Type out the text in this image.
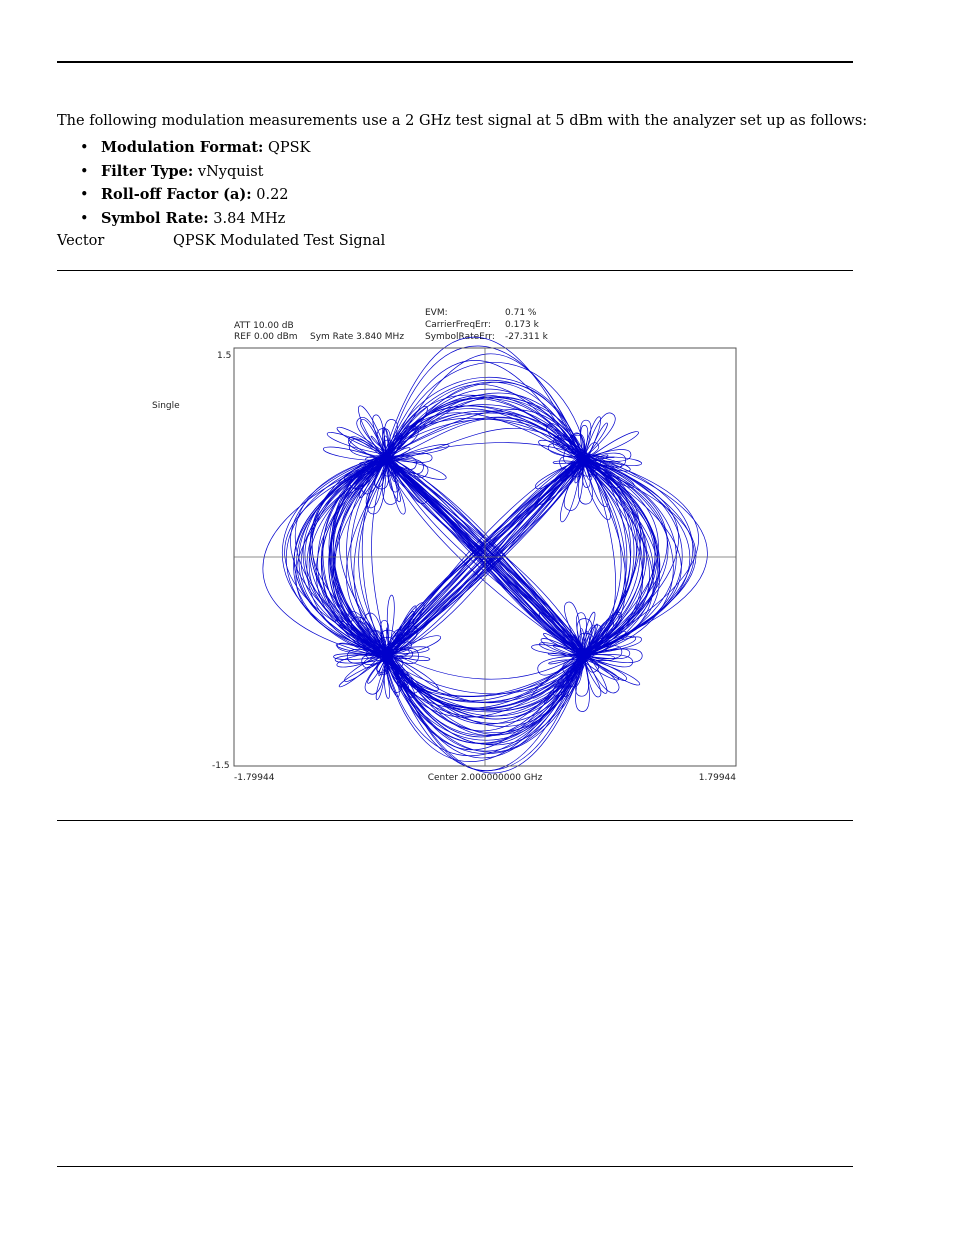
The following modulation measurements use a 2 GHz test signal at 5 dBm with the analyzer set up as follows:
• Modulation Format: QPSK
• Filter Type: vNyquist
• Roll-off Factor (a): 0.22
• Symbol Rate: 3.84 MHz
Vector	QPSK Modulated Test Signal
ATT 10.00 dB
REF 0.00 dBm Sym Rate 3.840 MHz
Single
EVM:	0.71 %
CarrierFreqErr: 0.173 k
SymbolRateErr: -27.311 k
1.5
-1.5
-1.79944	1.79944
Center 2.000000000 GHz
